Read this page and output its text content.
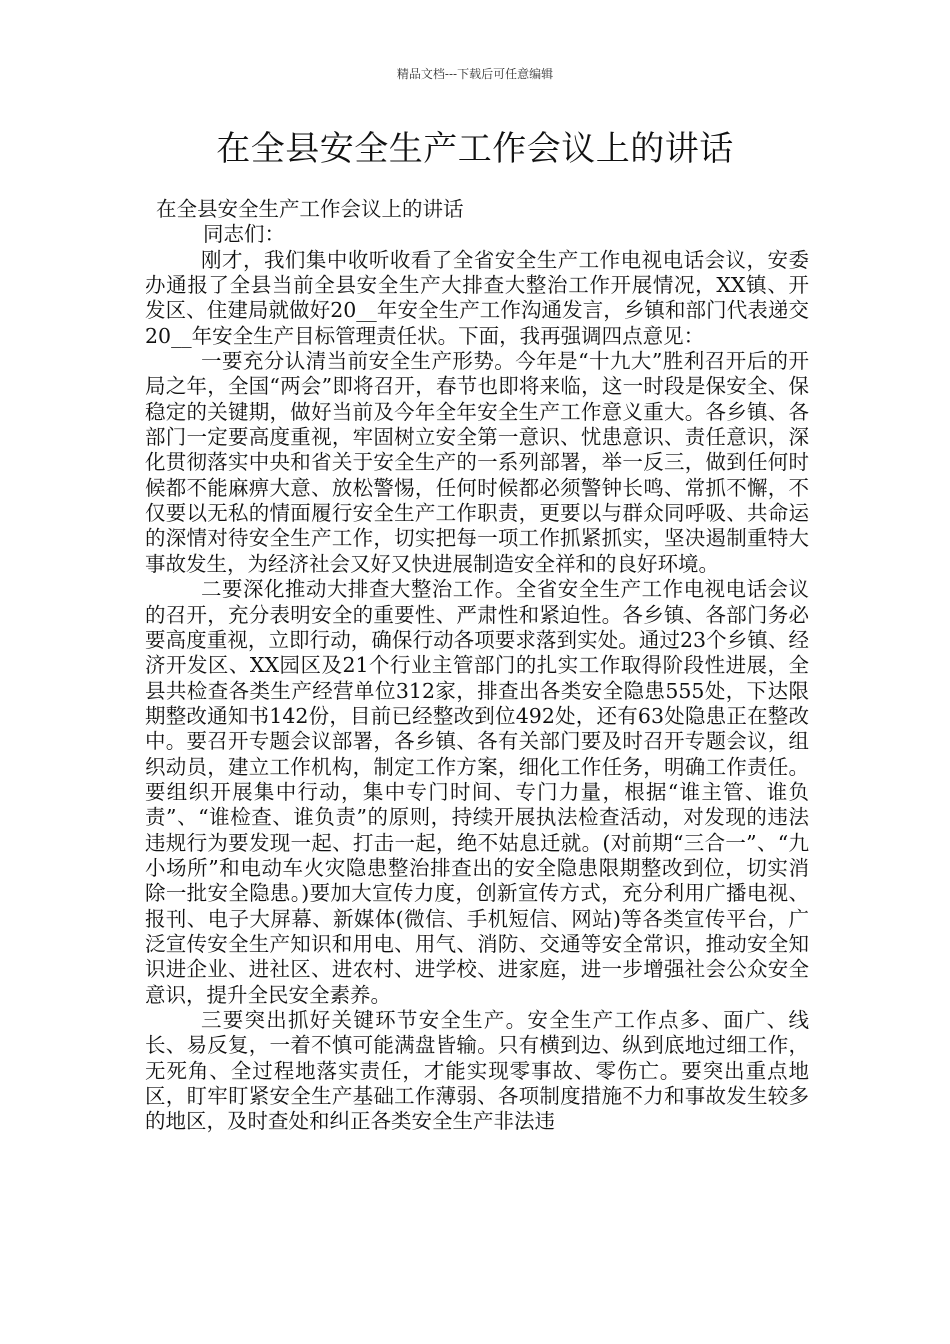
精品文档---下载后可任意编辑
在全县安全生产工作会议上的讲话

在全县安全生产工作会议上的讲话

同志们：

刚才，我们集中收听收看了全省安全生产工作电视电话会议，安委办通报了全县当前全县安全生产大排查大整治工作开展情况，XX镇、开发区、住建局就做好20__年安全生产工作沟通发言，乡镇和部门代表递交20__年安全生产目标管理责任状。下面，我再强调四点意见：

一要充分认清当前安全生产形势。今年是“十九大”胜利召开后的开局之年，全国“两会”即将召开，春节也即将来临，这一时段是保安全、保稳定的关键期，做好当前及今年全年安全生产工作意义重大。各乡镇、各部门一定要高度重视，牢固树立安全第一意识、忧患意识、责任意识，深化贯彻落实中央和省关于安全生产的一系列部署，举一反三，做到任何时候都不能麻痹大意、放松警惕，任何时候都必须警钟长鸣、常抓不懈，不仅要以无私的情面履行安全生产工作职责，更要以与群众同呼吸、共命运的深情对待安全生产工作，切实把每一项工作抓紧抓实，坚决遏制重特大事故发生，为经济社会又好又快进展制造安全祥和的良好环境。

二要深化推动大排查大整治工作。全省安全生产工作电视电话会议的召开，充分表明安全的重要性、严肃性和紧迫性。各乡镇、各部门务必要高度重视，立即行动，确保行动各项要求落到实处。通过23个乡镇、经济开发区、XX园区及21个行业主管部门的扎实工作取得阶段性进展，全县共检查各类生产经营单位312家，排查出各类安全隐患555处，下达限期整改通知书142份，目前已经整改到位492处，还有63处隐患正在整改中。要召开专题会议部署，各乡镇、各有关部门要及时召开专题会议，组织动员，建立工作机构，制定工作方案，细化工作任务，明确工作责任。要组织开展集中行动，集中专门时间、专门力量，根据“谁主管、谁负责”、“谁检查、谁负责”的原则，持续开展执法检查活动，对发现的违法违规行为要发现一起、打击一起，绝不姑息迁就。(对前期“三合一”、“九小场所”和电动车火灾隐患整治排查出的安全隐患限期整改到位，切实消除一批安全隐患。)要加大宣传力度，创新宣传方式，充分利用广播电视、报刊、电子大屏幕、新媒体(微信、手机短信、网站)等各类宣传平台，广泛宣传安全生产知识和用电、用气、消防、交通等安全常识，推动安全知识进企业、进社区、进农村、进学校、进家庭，进一步增强社会公众安全意识，提升全民安全素养。

三要突出抓好关键环节安全生产。安全生产工作点多、面广、线长、易反复，一着不慎可能满盘皆输。只有横到边、纵到底地过细工作，无死角、全过程地落实责任，才能实现零事故、零伤亡。要突出重点地区，盯牢盯紧安全生产基础工作薄弱、各项制度措施不力和事故发生较多的地区，及时查处和纠正各类安全生产非法违
